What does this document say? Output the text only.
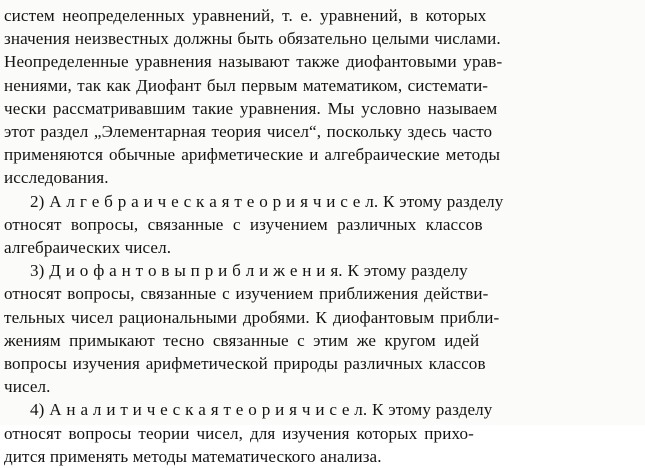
систем неопределенных уравнений, т. е. уравнений, в которых
значения неизвестных должны быть обязательно целыми числами.
Неопределенные уравнения называют также диофантовыми урав-
нениями, так как Диофант был первым математиком, системати-
чески рассматривавшим такие уравнения. Мы условно называем
этот раздел „Элементарная теория чисел“, поскольку здесь часто
применяются обычные арифметические и алгебраические методы
исследования.

2) А л г е б р а и ч е с к а я т е о р и я ч и с е л. К этому разделу
относят вопросы, связанные с изучением различных классов
алгебраических чисел.

3) Д и о ф а н т о в ы п р и б л и ж е н и я. К этому разделу
относят вопросы, связанные с изучением приближения действи-
тельных чисел рациональными дробями. К диофантовым прибли-
жениям примыкают тесно связанные с этим же кругом идей
вопросы изучения арифметической природы различных классов
чисел.

4) А н а л и т и ч е с к а я т е о р и я ч и с е л. К этому разделу
относят вопросы теории чисел, для изучения которых прихо-
дится применять методы математического анализа.
